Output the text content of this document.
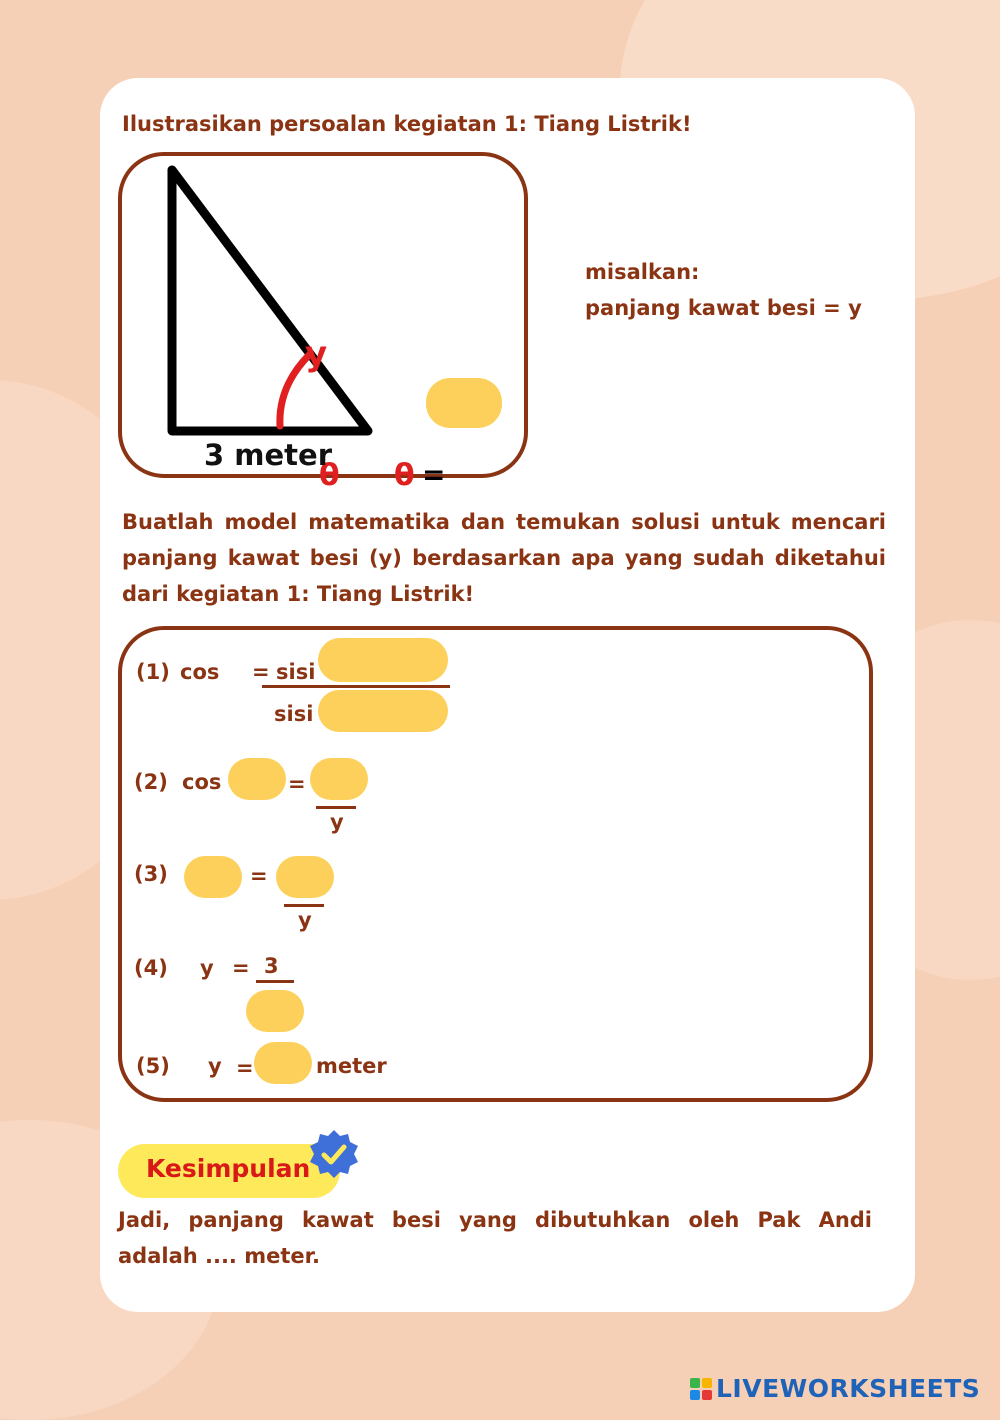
Ilustrasikan persoalan kegiatan 1: Tiang Listrik!
y
θ θ =
3 meter
misalkan:
panjang kawat besi = y
Buatlah model matematika dan temukan solusi untuk mencari panjang kawat besi (y) berdasarkan apa yang sudah diketahui dari kegiatan 1: Tiang Listrik!
(1) cos = sisi
sisi
(2) cos	=
y
(3)	=
y
(4) y = 3
(5) y =	meter
Kesimpulan
Jadi, panjang kawat besi yang dibutuhkan oleh Pak Andi adalah .... meter.
LIVEWORKSHEETS
